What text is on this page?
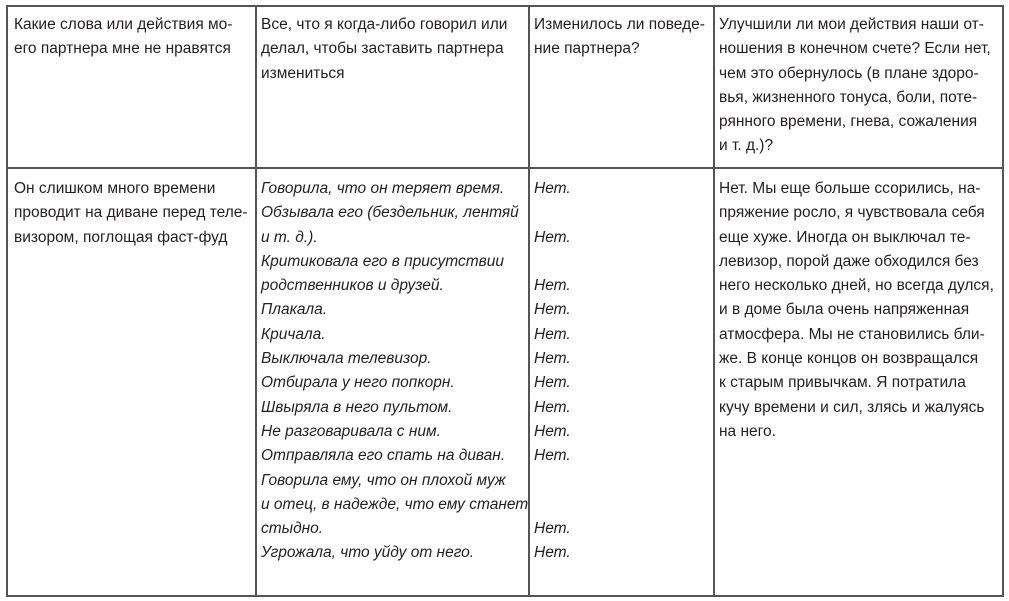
Какие слова или действия мо-
его партнера мне не нравятся
Все, что я когда-либо говорил или
делал, чтобы заставить партнера
измениться
Изменилось ли поведе-
ние партнера?
Улучшили ли мои действия наши от-
ношения в конечном счете? Если нет,
чем это обернулось (в плане здоро-
вья, жизненного тонуса, боли, поте-
рянного времени, гнева, сожаления
и т. д.)?
Он слишком много времени
проводит на диване перед теле-
визором, поглощая фаст-фуд
Говорила, что он теряет время.
Обзывала его (бездельник, лентяй
и т. д.).
Критиковала его в присутствии
родственников и друзей.
Плакала.
Кричала.
Выключала телевизор.
Отбирала у него попкорн.
Швыряла в него пультом.
Не разговаривала с ним.
Отправляла его спать на диван.
Говорила ему, что он плохой муж
и отец, в надежде, что ему станет
стыдно.
Угрожала, что уйду от него.
Нет.
Нет.
Нет.
Нет.
Нет.
Нет.
Нет.
Нет.
Нет.
Нет.
Нет.
Нет.
Нет. Мы еще больше ссорились, на-
пряжение росло, я чувствовала себя
еще хуже. Иногда он выключал те-
левизор, порой даже обходился без
него несколько дней, но всегда дулся,
и в доме была очень напряженная
атмосфера. Мы не становились бли-
же. В конце концов он возвращался
к старым привычкам. Я потратила
кучу времени и сил, злясь и жалуясь
на него.
